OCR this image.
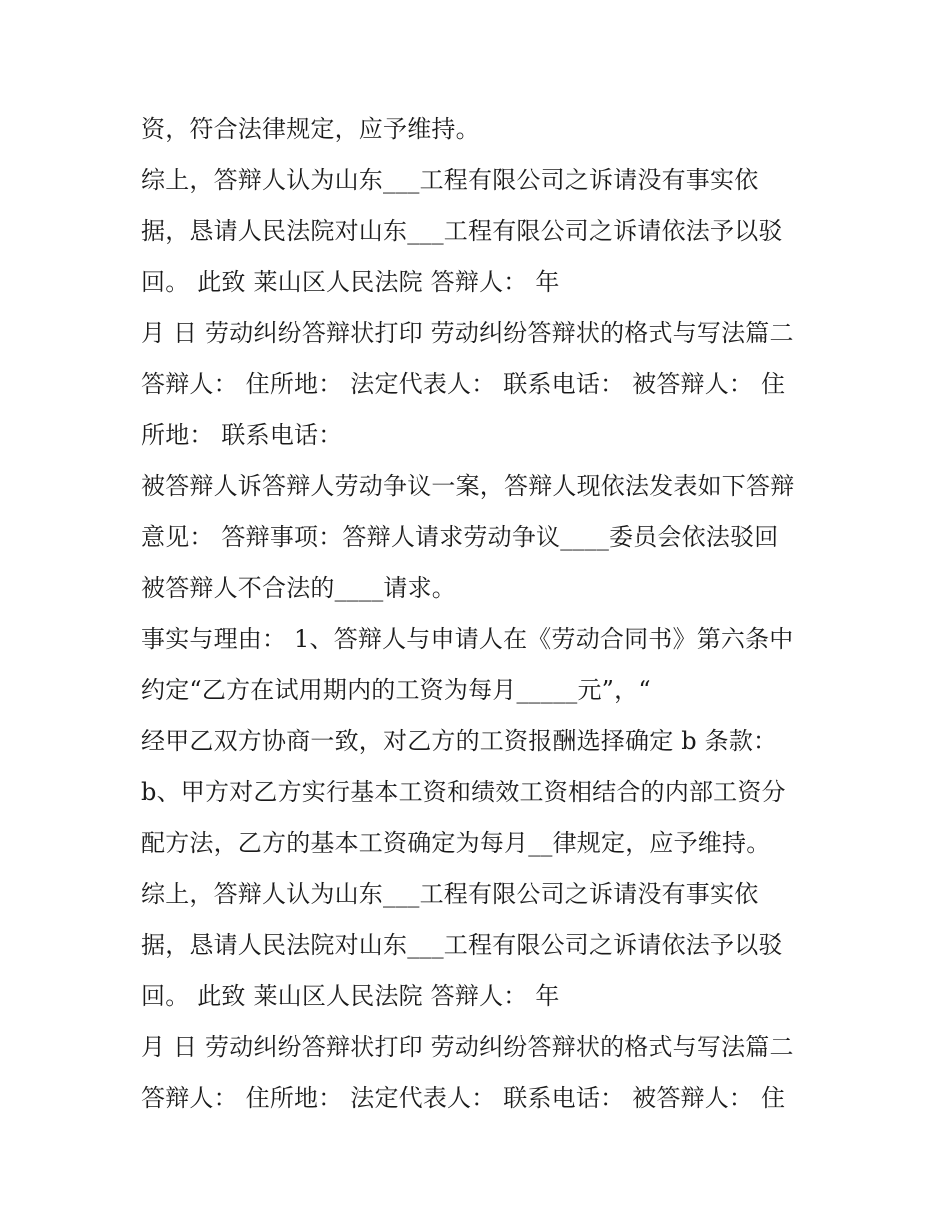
资，符合法律规定，应予维持。
综上，答辩人认为山东___工程有限公司之诉请没有事实依
据，恳请人民法院对山东___工程有限公司之诉请依法予以驳
回。 此致 莱山区人民法院 答辩人： 年
月 日 劳动纠纷答辩状打印 劳动纠纷答辩状的格式与写法篇二
答辩人： 住所地： 法定代表人： 联系电话： 被答辩人： 住
所地： 联系电话：
被答辩人诉答辩人劳动争议一案，答辩人现依法发表如下答辩
意见： 答辩事项：答辩人请求劳动争议____委员会依法驳回
被答辩人不合法的____请求。
事实与理由： 1、答辩人与申请人在《劳动合同书》第六条中
约定“乙方在试用期内的工资为每月_____元”，“
经甲乙双方协商一致，对乙方的工资报酬选择确定 b 条款：
b、甲方对乙方实行基本工资和绩效工资相结合的内部工资分
配方法，乙方的基本工资确定为每月__律规定，应予维持。
综上，答辩人认为山东___工程有限公司之诉请没有事实依
据，恳请人民法院对山东___工程有限公司之诉请依法予以驳
回。 此致 莱山区人民法院 答辩人： 年
月 日 劳动纠纷答辩状打印 劳动纠纷答辩状的格式与写法篇二
答辩人： 住所地： 法定代表人： 联系电话： 被答辩人： 住
